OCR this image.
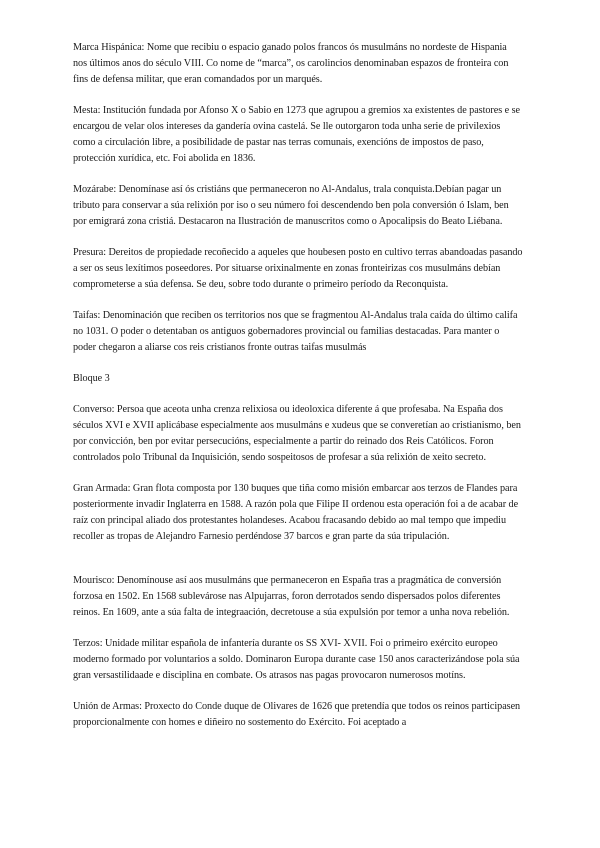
Marca Hispánica: Nome que recibiu o espacio ganado polos francos ós musulmáns no nordeste de Hispania nos últimos anos do século VIII. Co nome de “marca”, os carolincios denominaban espazos de fronteira con fins de defensa militar, que eran comandados por un marqués.

Mesta: Institución fundada por Afonso X o Sabio en 1273 que agrupou a gremios xa existentes de pastores e se encargou de velar olos intereses da gandería ovina castelá. Se lle outorgaron toda unha serie de privilexios como a circulación libre, a posibilidade de pastar nas terras comunais, exencións de impostos de paso, protección xurídica, etc. Foi abolida en 1836.

Mozárabe: Denomínase así ós cristiáns que permaneceron no Al-Andalus, trala conquista.Debían pagar un tributo para conservar a súa relixión por iso o seu número foi descendendo ben pola conversión ó Islam, ben por emigrará zona cristiá. Destacaron na Ilustración de manuscritos como o Apocalipsis do Beato Liébana.

Presura: Dereitos de propiedade recoñecido a aqueles que houbesen posto en cultivo terras abandoadas pasando a ser os seus lexítimos poseedores. Por situarse orixinalmente en zonas fronteirizas cos musulmáns debían comprometerse a súa defensa. Se deu, sobre todo durante o primeiro período da Reconquista.

Taifas: Denominación que reciben os territorios nos que se fragmentou Al-Andalus trala caída do último califa no 1031. O poder o detentaban os antiguos gobernadores provincial ou familias destacadas. Para manter o poder chegaron a aliarse cos reis cristianos fronte outras taifas musulmás

Bloque 3

Converso: Persoa que aceota unha crenza relixiosa ou ideoloxica diferente á que profesaba. Na España dos séculos XVI e XVII aplicábase especialmente aos musulmáns e xudeus que se converetían ao cristianismo, ben por convicción, ben por evitar persecucións, especialmente a partir do reinado dos Reis Católicos. Foron controlados polo Tribunal da Inquisición, sendo sospeitosos de profesar a súa relixión de xeito secreto.

Gran Armada: Gran flota composta por 130 buques que tiña como misión embarcar aos terzos de Flandes para posteriormente invadir Inglaterra en 1588. A razón pola que Filipe II ordenou esta operación foi a de acabar de raíz con principal aliado dos protestantes holandeses. Acabou fracasando debido ao mal tempo que impediu recoller as tropas de Alejandro Farnesio perdéndose 37 barcos e gran parte da súa tripulación.

Mourisco: Denomínouse así aos musulmáns que permaneceron en España tras a pragmática de conversión forzosa en 1502. En 1568 sublevárose nas Alpujarras, foron derrotados sendo dispersados polos diferentes reinos. En 1609, ante a súa falta de integraación, decretouse a súa expulsión por temor a unha nova rebelión.

Terzos: Unidade militar española de infantería durante os SS XVI- XVII. Foi o primeiro exército europeo moderno formado por voluntarios a soldo. Dominaron Europa durante case 150 anos caracterizándose pola súa gran versastilidaade e disciplina en combate. Os atrasos nas pagas provocaron numerosos motíns.

Unión de Armas: Proxecto do Conde duque de Olivares de 1626 que pretendía que todos os reinos participasen proporcionalmente con homes e diñeiro no sostemento do Exército. Foi aceptado a
